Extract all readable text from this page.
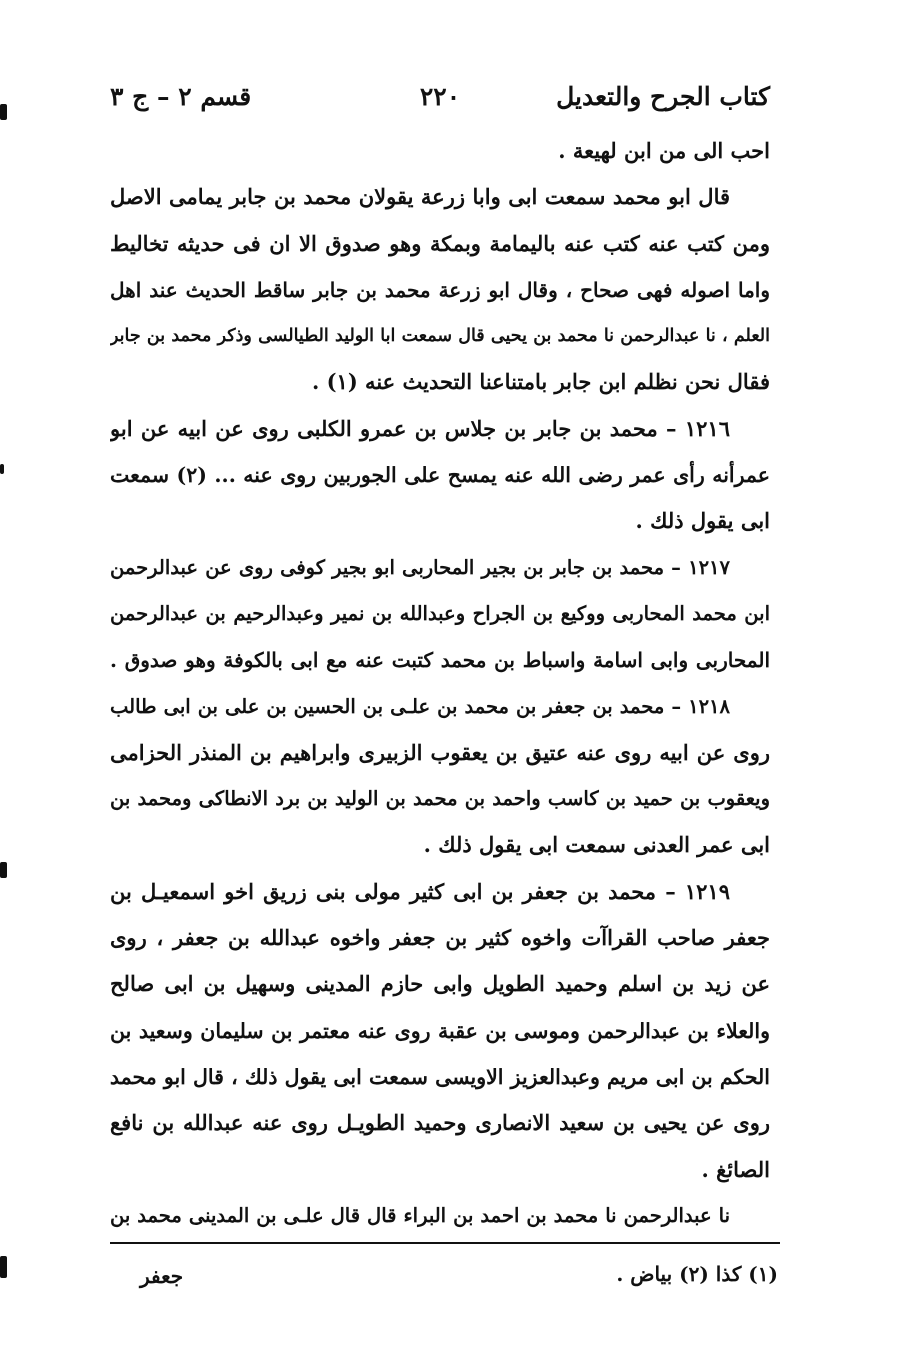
كتاب الجرح والتعديل
٢٢٠
قسم ٢ – ج ٣
احب الى من ابن لهيعة .
قال ابو محمد سمعت ابى وابا زرعة يقولان محمد بن جابر يمامى الاصل
ومن كتب عنه كتب عنه باليمامة وبمكة وهو صدوق الا ان فى حديثه تخاليط
واما اصوله فهى صحاح ، وقال ابو زرعة محمد بن جابر ساقط الحديث عند اهل
العلم ، نا عبدالرحمن نا محمد بن يحيى قال سمعت ابا الوليد الطيالسى وذكر محمد بن جابر
فقال نحن نظلم ابن جابر بامتناعنا التحديث عنه (١) .
١٢١٦ – محمد بن جابر بن جلاس بن عمرو الكلبى روى عن ابيه عن ابو
عمرأنه رأى عمر رضى الله عنه يمسح على الجوربين روى عنه ... (٢) سمعت
ابى يقول ذلك .
١٢١٧ – محمد بن جابر بن بجير المحاربى ابو بجير كوفى روى عن عبدالرحمن
ابن محمد المحاربى ووكيع بن الجراح وعبدالله بن نمير وعبدالرحيم بن عبدالرحمن
المحاربى وابى اسامة واسباط بن محمد كتبت عنه مع ابى بالكوفة وهو صدوق .
١٢١٨ – محمد بن جعفر بن محمد بن علـى بن الحسين بن على بن ابى طالب
روى عن ابيه روى عنه عتيق بن يعقوب الزبيرى وابراهيم بن المنذر الحزامى
ويعقوب بن حميد بن كاسب واحمد بن محمد بن الوليد بن برد الانطاكى ومحمد بن
ابى عمر العدنى سمعت ابى يقول ذلك .
١٢١٩ – محمد بن جعفر بن ابى كثير مولى بنى زريق اخو اسمعيـل بن
جعفر صاحب القراآت واخوه كثير بن جعفر واخوه عبدالله بن جعفر ، روى
عن زيد بن اسلم وحميد الطويل وابى حازم المدينى وسهيل بن ابى صالح
والعلاء بن عبدالرحمن وموسى بن عقبة روى عنه معتمر بن سليمان وسعيد بن
الحكم بن ابى مريم وعبدالعزيز الاويسى سمعت ابى يقول ذلك ، قال ابو محمد
روى عن يحيى بن سعيد الانصارى وحميد الطويـل روى عنه عبدالله بن نافع
الصائغ .
نا عبدالرحمن نا محمد بن احمد بن البراء قال قال علـى بن المدينى محمد بن
(١) كذا (٢) بياض .
جعفر
